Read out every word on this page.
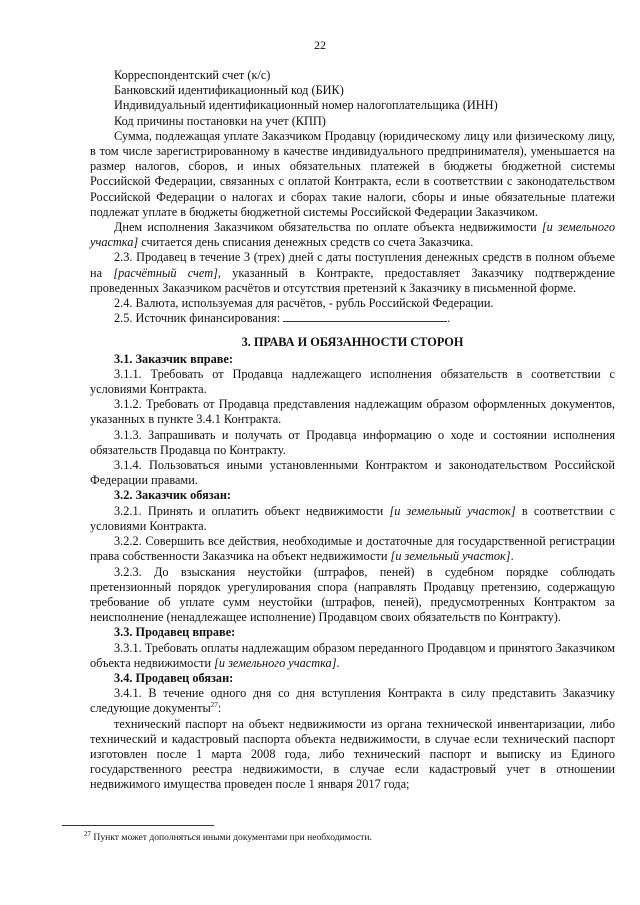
22

Корреспондентский счет (к/с)

Банковский идентификационный код (БИК)

Индивидуальный идентификационный номер налогоплательщика (ИНН)

Код причины постановки на учет (КПП)

Сумма, подлежащая уплате Заказчиком Продавцу (юридическому лицу или физическому лицу, в том числе зарегистрированному в качестве индивидуального предпринимателя), уменьшается на размер налогов, сборов, и иных обязательных платежей в бюджеты бюджетной системы Российской Федерации, связанных с оплатой Контракта, если в соответствии с законодательством Российской Федерации о налогах и сборах такие налоги, сборы и иные обязательные платежи подлежат уплате в бюджеты бюджетной системы Российской Федерации Заказчиком.

Днем исполнения Заказчиком обязательства по оплате объекта недвижимости [и земельного участка] считается день списания денежных средств со счета Заказчика.

2.3. Продавец в течение 3 (трех) дней с даты поступления денежных средств в полном объеме на [расчётный счет], указанный в Контракте, предоставляет Заказчику подтверждение проведенных Заказчиком расчётов и отсутствия претензий к Заказчику в письменной форме.

2.4. Валюта, используемая для расчётов, - рубль Российской Федерации.

2.5. Источник финансирования:	.

3. ПРАВА И ОБЯЗАННОСТИ СТОРОН

3.1. Заказчик вправе:

3.1.1. Требовать от Продавца надлежащего исполнения обязательств в соответствии с условиями Контракта.

3.1.2. Требовать от Продавца представления надлежащим образом оформленных документов, указанных в пункте 3.4.1 Контракта.

3.1.3. Запрашивать и получать от Продавца информацию о ходе и состоянии исполнения обязательств Продавца по Контракту.

3.1.4. Пользоваться иными установленными Контрактом и законодательством Российской Федерации правами.

3.2. Заказчик обязан:

3.2.1. Принять и оплатить объект недвижимости [и земельный участок] в соответствии с условиями Контракта.

3.2.2. Совершить все действия, необходимые и достаточные для государственной регистрации права собственности Заказчика на объект недвижимости [и земельный участок].

3.2.3. До взыскания неустойки (штрафов, пеней) в судебном порядке соблюдать претензионный порядок урегулирования спора (направлять Продавцу претензию, содержащую требование об уплате сумм неустойки (штрафов, пеней), предусмотренных Контрактом за неисполнение (ненадлежащее исполнение) Продавцом своих обязательств по Контракту).

3.3. Продавец вправе:

3.3.1. Требовать оплаты надлежащим образом переданного Продавцом и принятого Заказчиком объекта недвижимости [и земельного участка].

3.4. Продавец обязан:

3.4.1. В течение одного дня со дня вступления Контракта в силу представить Заказчику следующие документы$^{27}$:

технический паспорт на объект недвижимости из органа технической инвентаризации, либо технический и кадастровый паспорта объекта недвижимости, в случае если технический паспорт изготовлен после 1 марта 2008 года, либо технический паспорт и выписку из Единого государственного реестра недвижимости, в случае если кадастровый учет в отношении недвижимого имущества проведен после 1 января 2017 года;

$^{27}$ Пункт может дополняться иными документами при необходимости.
